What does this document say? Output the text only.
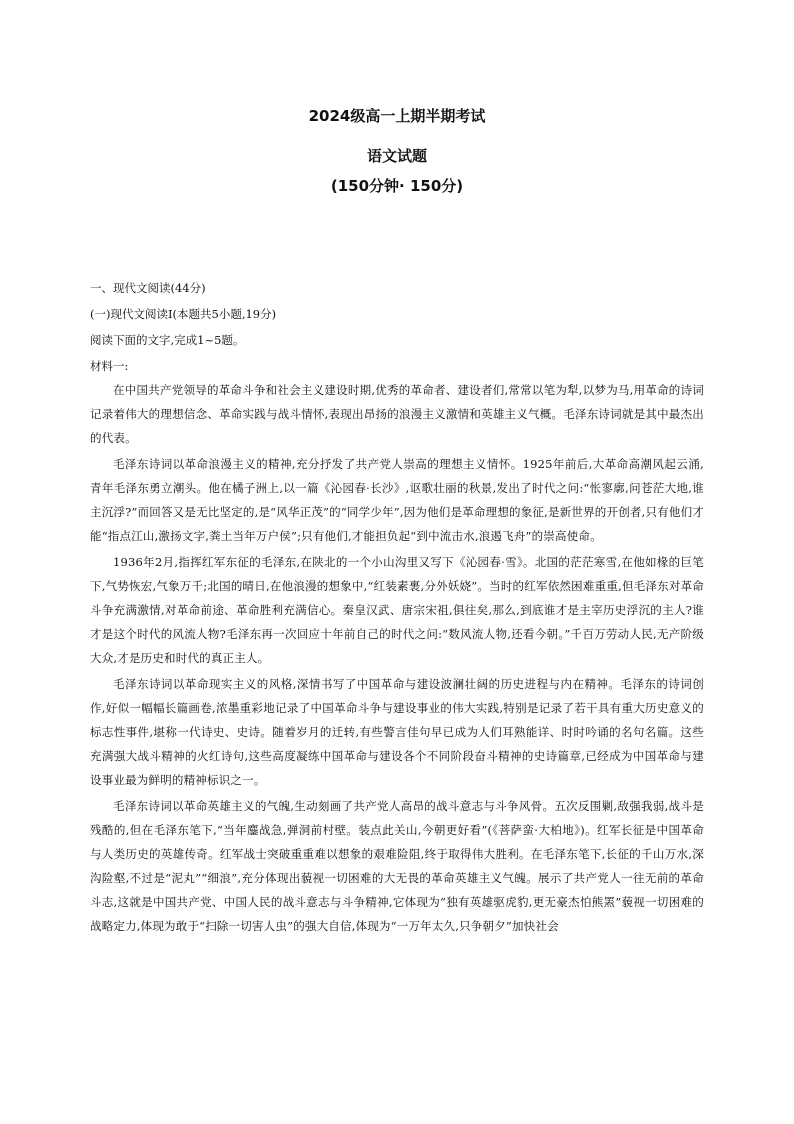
2024级高一上期半期考试

语文试题

(150分钟· 150分)

一、现代文阅读(44分)

(一)现代文阅读Ⅰ(本题共5小题,19分)

阅读下面的文字,完成1~5题。

材料一:

在中国共产党领导的革命斗争和社会主义建设时期,优秀的革命者、建设者们,常常以笔为犁,以梦为马,用革命的诗词记录着伟大的理想信念、革命实践与战斗情怀,表现出昂扬的浪漫主义激情和英雄主义气概。毛泽东诗词就是其中最杰出的代表。

毛泽东诗词以革命浪漫主义的精神,充分抒发了共产党人崇高的理想主义情怀。1925年前后,大革命高潮风起云涌,青年毛泽东勇立潮头。他在橘子洲上,以一篇《沁园春·长沙》,讴歌壮丽的秋景,发出了时代之问:“怅寥廓,问苍茫大地,谁主沉浮?”而回答又是无比坚定的,是“风华正茂”的“同学少年”,因为他们是革命理想的象征,是新世界的开创者,只有他们才能“指点江山,激扬文字,粪土当年万户侯”;只有他们,才能担负起“到中流击水,浪遏飞舟”的崇高使命。

1936年2月,指挥红军东征的毛泽东,在陕北的一个小山沟里又写下《沁园春·雪》。北国的茫茫寒雪,在他如椽的巨笔下,气势恢宏,气象万千;北国的晴日,在他浪漫的想象中,“红装素裹,分外妖娆”。当时的红军依然困难重重,但毛泽东对革命斗争充满激情,对革命前途、革命胜利充满信心。秦皇汉武、唐宗宋祖,俱往矣,那么,到底谁才是主宰历史浮沉的主人?谁才是这个时代的风流人物?毛泽东再一次回应十年前自己的时代之问:“数风流人物,还看今朝。”千百万劳动人民,无产阶级大众,才是历史和时代的真正主人。

毛泽东诗词以革命现实主义的风格,深情书写了中国革命与建设波澜壮阔的历史进程与内在精神。毛泽东的诗词创作,好似一幅幅长篇画卷,浓墨重彩地记录了中国革命斗争与建设事业的伟大实践,特别是记录了若干具有重大历史意义的标志性事件,堪称一代诗史、史诗。随着岁月的迁转,有些警言佳句早已成为人们耳熟能详、时时吟诵的名句名篇。这些充满强大战斗精神的火红诗句,这些高度凝练中国革命与建设各个不同阶段奋斗精神的史诗篇章,已经成为中国革命与建设事业最为鲜明的精神标识之一。

毛泽东诗词以革命英雄主义的气魄,生动刻画了共产党人高昂的战斗意志与斗争风骨。五次反围剿,敌强我弱,战斗是残酷的,但在毛泽东笔下,“当年鏖战急,弹洞前村壁。装点此关山,今朝更好看”(《菩萨蛮·大柏地》)。红军长征是中国革命与人类历史的英雄传奇。红军战士突破重重难以想象的艰难险阻,终于取得伟大胜利。在毛泽东笔下,长征的千山万水,深沟险壑,不过是“泥丸”“细浪”,充分体现出藐视一切困难的大无畏的革命英雄主义气魄。展示了共产党人一往无前的革命斗志,这就是中国共产党、中国人民的战斗意志与斗争精神,它体现为“独有英雄驱虎豹,更无豪杰怕熊罴”藐视一切困难的战略定力,体现为敢于“扫除一切害人虫”的强大自信,体现为“一万年太久,只争朝夕”加快社会
